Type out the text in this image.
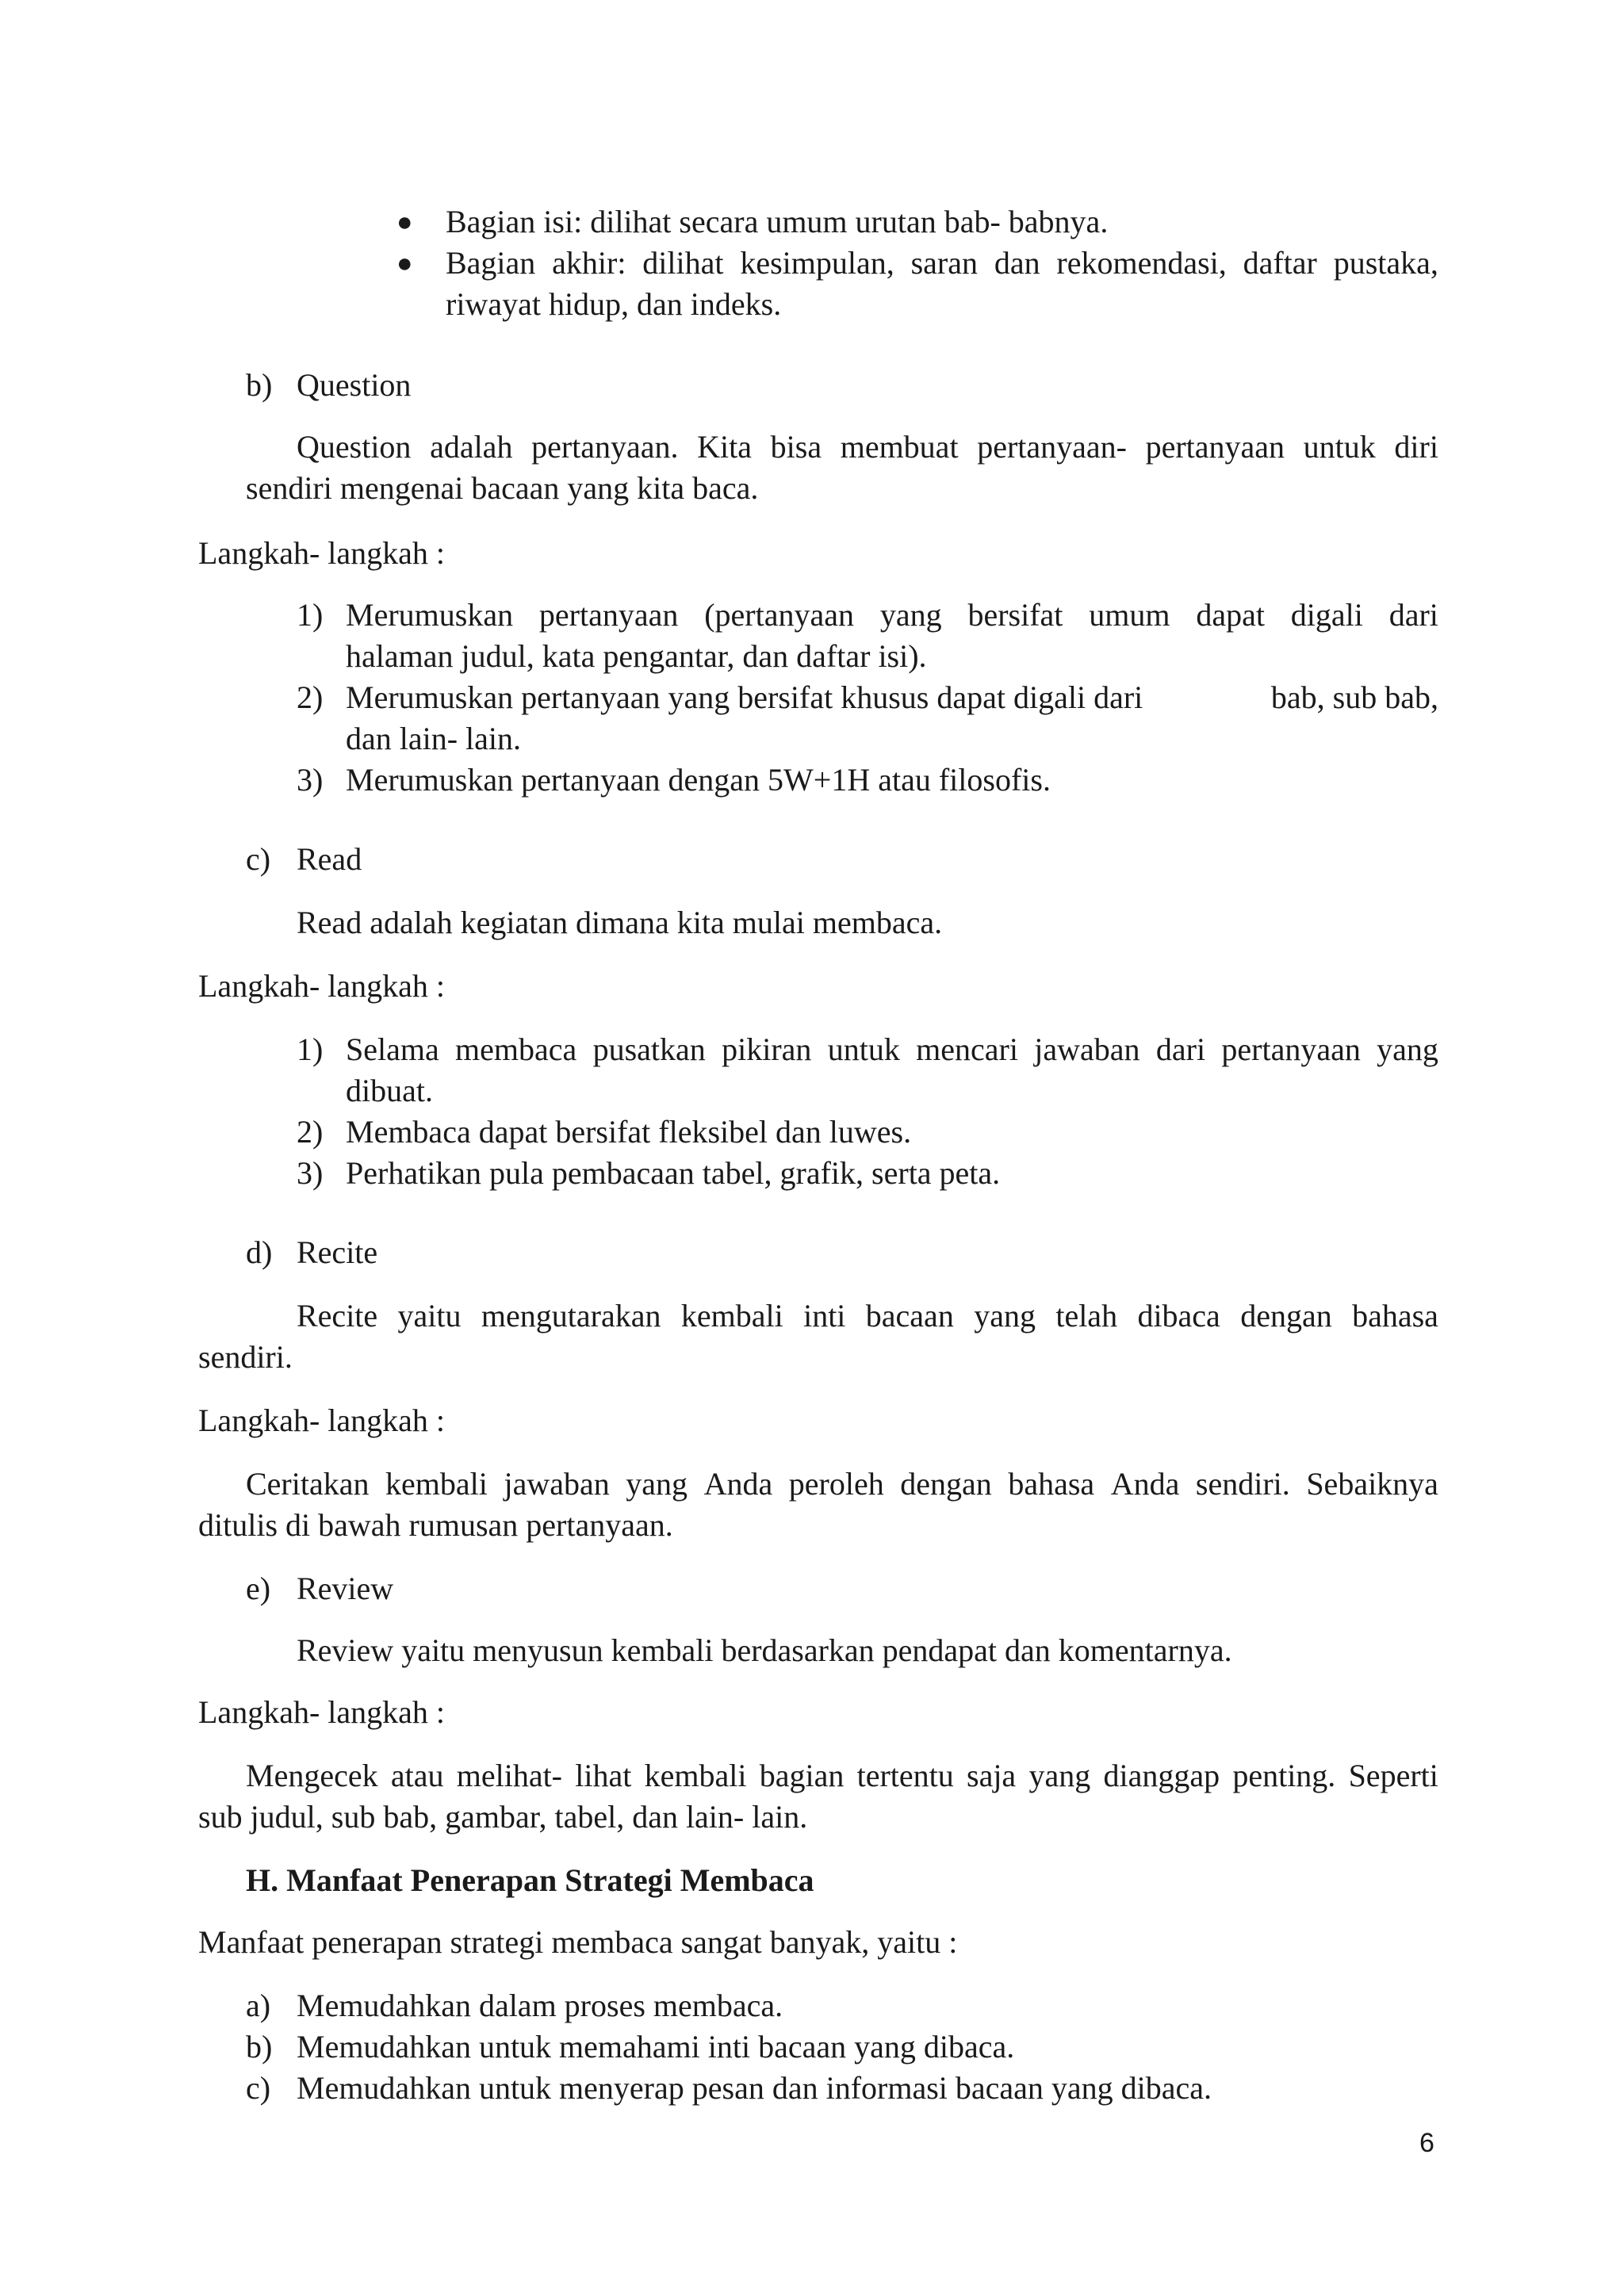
● Bagian isi: dilihat secara umum urutan bab- babnya.
● Bagian akhir: dilihat kesimpulan, saran dan rekomendasi, daftar pustaka,
riwayat hidup, dan indeks.
b) Question
Question adalah pertanyaan. Kita bisa membuat pertanyaan- pertanyaan untuk diri
sendiri mengenai bacaan yang kita baca.
Langkah- langkah :
1) Merumuskan pertanyaan (pertanyaan yang bersifat umum dapat digali dari
halaman judul, kata pengantar, dan daftar isi).
2) Merumuskan pertanyaan yang bersifat khusus dapat digali dari	bab, sub bab,
dan lain- lain.
3) Merumuskan pertanyaan dengan 5W+1H atau filosofis.
c) Read
Read adalah kegiatan dimana kita mulai membaca.
Langkah- langkah :
1) Selama membaca pusatkan pikiran untuk mencari jawaban dari pertanyaan yang
dibuat.
2) Membaca dapat bersifat fleksibel dan luwes.
3) Perhatikan pula pembacaan tabel, grafik, serta peta.
d) Recite
Recite yaitu mengutarakan kembali inti bacaan yang telah dibaca dengan bahasa
sendiri.
Langkah- langkah :
Ceritakan kembali jawaban yang Anda peroleh dengan bahasa Anda sendiri. Sebaiknya
ditulis di bawah rumusan pertanyaan.
e) Review
Review yaitu menyusun kembali berdasarkan pendapat dan komentarnya.
Langkah- langkah :
Mengecek atau melihat- lihat kembali bagian tertentu saja yang dianggap penting. Seperti
sub judul, sub bab, gambar, tabel, dan lain- lain.
H. Manfaat Penerapan Strategi Membaca
Manfaat penerapan strategi membaca sangat banyak, yaitu :
a) Memudahkan dalam proses membaca.
b) Memudahkan untuk memahami inti bacaan yang dibaca.
c) Memudahkan untuk menyerap pesan dan informasi bacaan yang dibaca.
6
